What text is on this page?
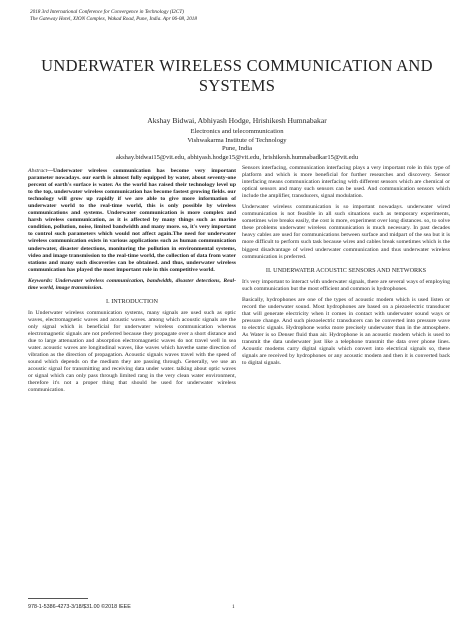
2018 3rd International Conference for Convergence in Technology (I2CT)
The Gateway Hotel, XION Complex, Wakad Road, Pune, India. Apr 06-08, 2018
UNDERWATER WIRELESS COMMUNICATION AND SYSTEMS
Akshay Bidwai, Abhiyash Hodge, Hrishikesh Humnabakar
Electronics and telecommunication
Vishwakarma Institute of Technology
Pune, India
akshay.bidwai15@vit.edu, abhiyash.hodge15@vit.edu, hrishikesh.humnabadkar15@vit.edu

Abstract—Underwater wireless communication has become very important parameter nowadays. our earth is almost fully equipped by water, about seventy-one percent of earth's surface is water. As the world has raised their technology level up to the top, underwater wireless communication has become fastest growing fields. our technology will grow up rapidly if we are able to give more information of underwater world to the real-time world, this is only possible by wireless communications and systems. Underwater communication is more complex and harsh wireless communication, as it is affected by many things such as marine condition, pollution, noise, limited bandwidth and many more. so, it's very important to control such parameters which would not affect again.The need for underwater wireless communication exists in various applications such as human communication underwater, disaster detections, monitoring the pollution in environmental systems, video and image transmission to the real-time world, the collection of data from water stations and many such discoveries can be obtained. and thus, underwater wireless communication has played the most important role in this competitive world.

Keywords: Underwater wireless communication, bandwidth, disaster detections, Real-time world, image transmission.

I. INTRODUCTION

In Underwater wireless communication systems, many signals are used such as optic waves, electromagnetic waves and acoustic waves. among which acoustic signals are the only signal which is beneficial for underwater wireless communication whereas electromagnetic signals are not preferred because they propagate over a short distance and due to large attenuation and absorption electromagnetic waves do not travel well in sea water. acoustic waves are longitudinal waves, like waves which havethe same direction of vibration as the direction of propagation. Acoustic signals waves travel with the speed of sound which depends on the medium they are passing through. Generally, we use an acoustic signal for transmitting and receiving data under water. talking about optic waves or signal which can only pass through limited rang in the very clean water environment, therefore it's not a proper thing that should be used for underwater wireless communication.

Sensors interfacing, communication interfacing plays a very important role in this type of platform and which is more beneficial for further researches and discovery. Sensor interfacing means communication interfacing with different sensors which are chemical or optical sensors and many such sensors can be used. And communication sensors which include the amplifier, transducers, signal modulation.

Underwater wireless communication is so important nowadays. underwater wired communication is not feasible in all such situations such as temporary experiments, sometimes wire breaks easily, the cost is more, experiment over long distances. so, to solve these problems underwater wireless communication is much necessary. In past decades heavy cables are used for communications between surface and midpart of the sea but it is more difficult to perform such task because wires and cables break sometimes which is the biggest disadvantage of wired underwater communication and thus underwater wireless communication is preferred.

II. UNDERWATER ACOUSTIC SENSORS AND NETWORKS

It's very important to interact with underwater signals, there are several ways of employing such communication but the most efficient and common is hydrophones.

Basically, hydrophones are one of the types of acoustic modem which is used listen or record the underwater sound. Most hydrophones are based on a piezoelectric transducer that will generate electricity when it comes in contact with underwater sound ways or pressure change. And such piezoelectric transducers can be converted into pressure wave to electric signals. Hydrophone works more precisely underwater than in the atmosphere. As Water is so Denser fluid than air. Hydrophone is an acoustic modem which is used to transmit the data underwater just like a telephone transmit the data over phone lines. Acoustic modems carry digital signals which convert into electrical signals so, these signals are received by hydrophones or any acoustic modem and then it is converted back to digital signals.

978-1-5386-4273-3/18/$31.00 ©2018 IEEE	1
